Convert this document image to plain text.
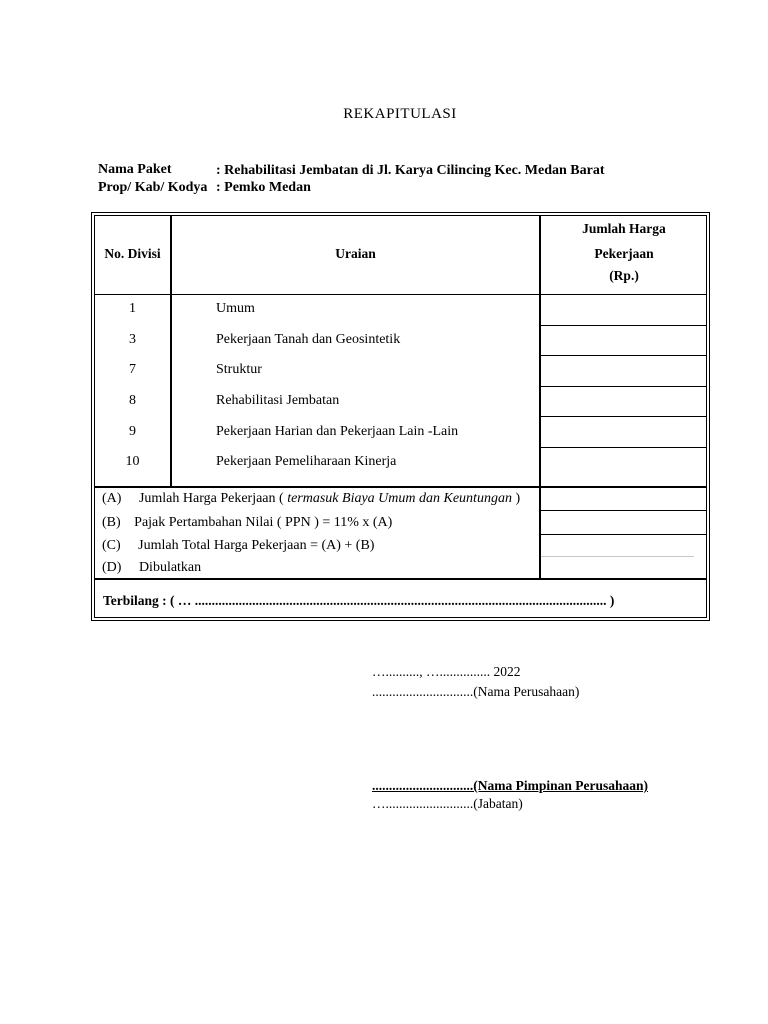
REKAPITULASI
Nama Paket	: Rehabilitasi Jembatan di Jl. Karya Cilincing Kec. Medan Barat
Prop/ Kab/ Kodya : Pemko Medan
No. Divisi	Uraian
Jumlah Harga
Pekerjaan
(Rp.)
1	Umum
3	Pekerjaan Tanah dan Geosintetik
7	Struktur
8	Rehabilitasi Jembatan
9	Pekerjaan Harian dan Pekerjaan Lain -Lain
10	Pekerjaan Pemeliharaan Kinerja
(A) Jumlah Harga Pekerjaan ( termasuk Biaya Umum dan Keuntungan )
(B) Pajak Pertambahan Nilai ( PPN ) = 11% x (A)
(C) Jumlah Total Harga Pekerjaan = (A) + (B)
(D) Dibulatkan
Terbilang : ( … .......................................................................................................................... )
….........., …............... 2022
..............................(Nama Perusahaan)
..............................(Nama Pimpinan Perusahaan)
…..........................(Jabatan)
